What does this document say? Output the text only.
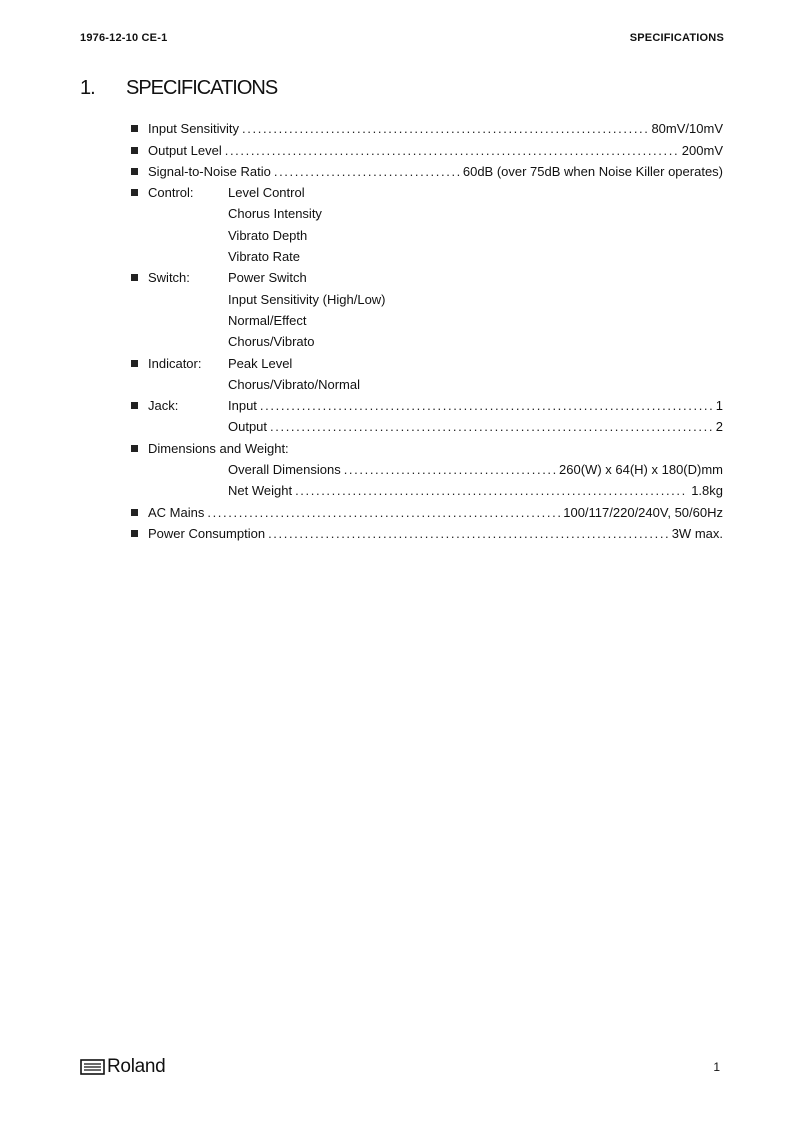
1976-12-10 CE-1	SPECIFICATIONS
1. SPECIFICATIONS
Input Sensitivity . . .	80mV/10mV
Output Level . . .	200mV
Signal-to-Noise Ratio . . .	60dB (over 75dB when Noise Killer operates)
Control:	Level Control
Chorus Intensity
Vibrato Depth
Vibrato Rate
Switch:	Power Switch
Input Sensitivity (High/Low)
Normal/Effect
Chorus/Vibrato
Indicator:	Peak Level
Chorus/Vibrato/Normal
Jack:	Input . . .	1
Output . . .	2
Dimensions and Weight:
Overall Dimensions . . .	260(W) x 64(H) x 180(D)mm
Net Weight . . .	1.8kg
AC Mains . . .	100/117/220/240V, 50/60Hz
Power Consumption . . .	3W max.
Roland	1
